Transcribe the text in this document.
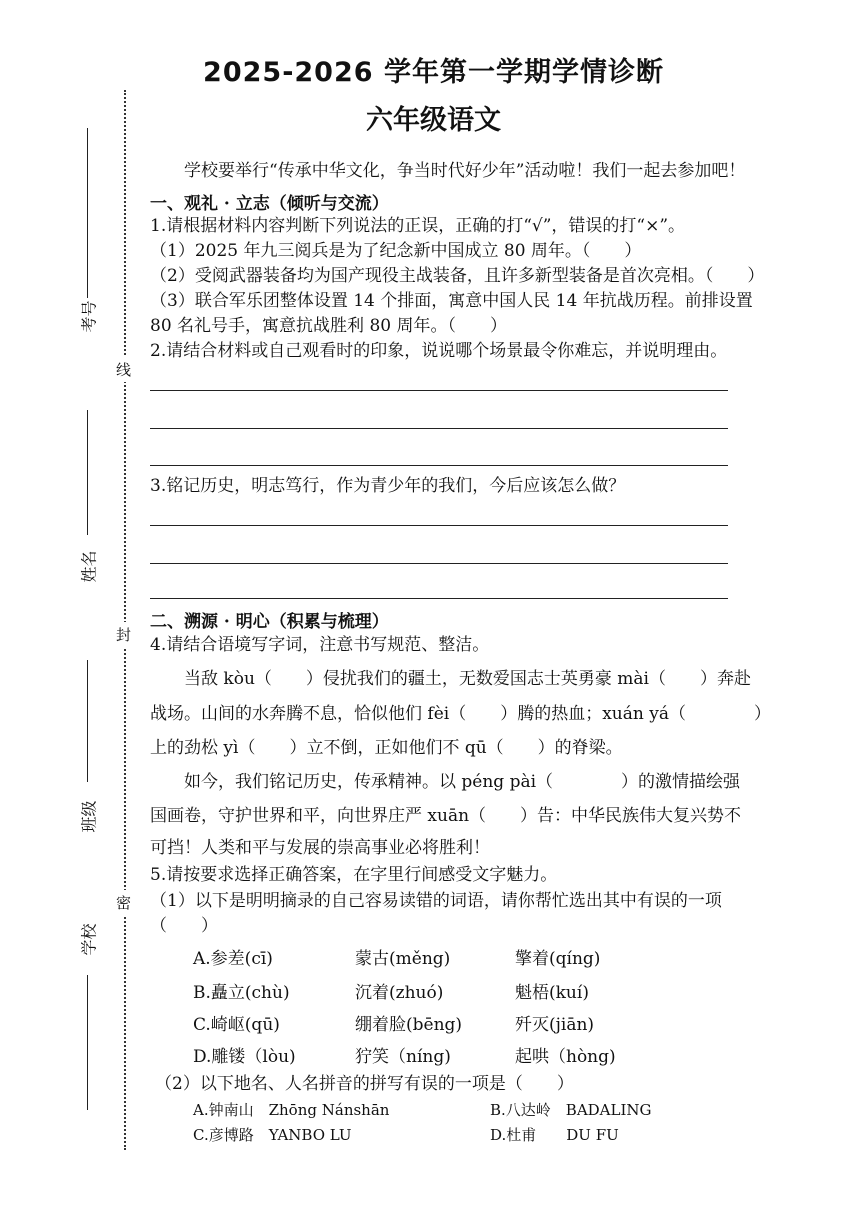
2025-2026 学年第一学期学情诊断
六年级语文
线
封
密
考号
姓名
班级
学校
学校要举行“传承中华文化，争当时代好少年”活动啦！我们一起去参加吧！
一、观礼 · 立志（倾听与交流）
1.请根据材料内容判断下列说法的正误，正确的打“√”，错误的打“×”。
（1）2025 年九三阅兵是为了纪念新中国成立 80 周年。（　　）
（2）受阅武器装备均为国产现役主战装备，且许多新型装备是首次亮相。（　　）
（3）联合军乐团整体设置 14 个排面，寓意中国人民 14 年抗战历程。前排设置
80 名礼号手，寓意抗战胜利 80 周年。（　　）
2.请结合材料或自己观看时的印象，说说哪个场景最令你难忘，并说明理由。
3.铭记历史，明志笃行，作为青少年的我们，今后应该怎么做？
二、溯源 · 明心（积累与梳理）
4.请结合语境写字词，注意书写规范、整洁。
当敌 kòu（　　）侵扰我们的疆土，无数爱国志士英勇豪 mài（　　）奔赴
战场。山间的水奔腾不息，恰似他们 fèi（　　）腾的热血；xuán yá（　　　　）
上的劲松 yì（　　）立不倒，正如他们不 qū（　　）的脊梁。
如今，我们铭记历史，传承精神。以 péng pài（　　　　）的激情描绘强
国画卷，守护世界和平，向世界庄严 xuān（　　）告：中华民族伟大复兴势不
可挡！人类和平与发展的崇高事业必将胜利！
5.请按要求选择正确答案，在字里行间感受文字魅力。
（1）以下是明明摘录的自己容易读错的词语，请你帮忙选出其中有误的一项
（　　）
A.参差(cī)	蒙古(měng)	擎着(qíng)
B.矗立(chù)	沉着(zhuó)	魁梧(kuí)
C.崎岖(qū)	绷着脸(bēng)	歼灭(jiān)
D.雕镂（lòu)	狞笑（níng)	起哄（hòng)
（2）以下地名、人名拼音的拼写有误的一项是（　　）
A.钟南山　Zhōng Nánshān	B.八达岭　BADALING
C.彦博路　YANBO LU	D.杜甫　　DU FU
